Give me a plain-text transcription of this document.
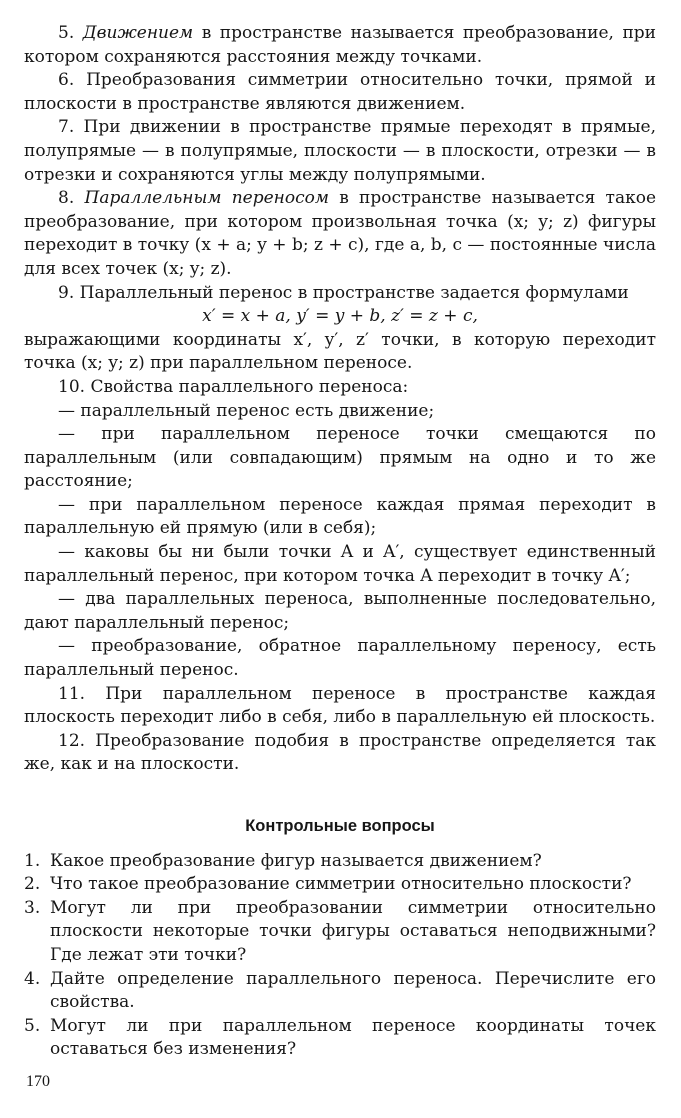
5. Движением в пространстве называется преобразование, при котором сохраняются расстояния между точками.

6. Преобразования симметрии относительно точки, прямой и плоскости в пространстве являются движением.

7. При движении в пространстве прямые переходят в прямые, полупрямые — в полупрямые, плоскости — в плоскости, отрезки — в отрезки и сохраняются углы между полупрямыми.

8. Параллельным переносом в пространстве называется такое преобразование, при котором произвольная точка (x; y; z) фигуры переходит в точку (x + a; y + b; z + c), где a, b, c — постоянные числа для всех точек (x; y; z).

9. Параллельный перенос в пространстве задается формулами

x′ = x + a, y′ = y + b, z′ = z + c,

выражающими координаты x′, y′, z′ точки, в которую переходит точка (x; y; z) при параллельном переносе.

10. Свойства параллельного переноса:

— параллельный перенос есть движение;

— при параллельном переносе точки смещаются по параллельным (или совпадающим) прямым на одно и то же расстояние;

— при параллельном переносе каждая прямая переходит в параллельную ей прямую (или в себя);

— каковы бы ни были точки A и A′, существует единственный параллельный перенос, при котором точка A переходит в точку A′;

— два параллельных переноса, выполненные последовательно, дают параллельный перенос;

— преобразование, обратное параллельному переносу, есть параллельный перенос.

11. При параллельном переносе в пространстве каждая плоскость переходит либо в себя, либо в параллельную ей плоскость.

12. Преобразование подобия в пространстве определяется так же, как и на плоскости.

Контрольные вопросы

1. Какое преобразование фигур называется движением?
2. Что такое преобразование симметрии относительно плоскости?
3. Могут ли при преобразовании симметрии относительно плоскости некоторые точки фигуры оставаться неподвижными? Где лежат эти точки?
4. Дайте определение параллельного переноса. Перечислите его свойства.
5. Могут ли при параллельном переносе координаты точек оставаться без изменения?
170
